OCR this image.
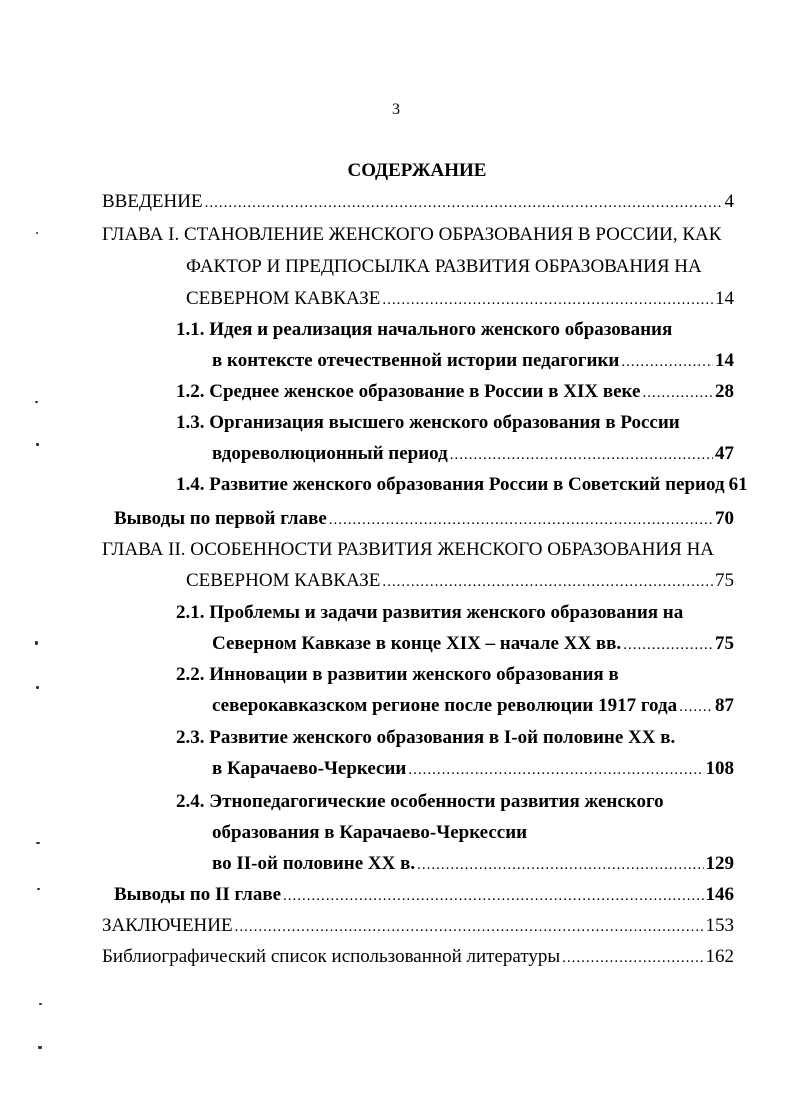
3
СОДЕРЖАНИЕ
ВВЕДЕНИЕ .....	4
ГЛАВА I. СТАНОВЛЕНИЕ ЖЕНСКОГО ОБРАЗОВАНИЯ В РОССИИ, КАК
ФАКТОР И ПРЕДПОСЫЛКА РАЗВИТИЯ ОБРАЗОВАНИЯ НА
СЕВЕРНОМ КАВКАЗЕ .....	14
1.1. Идея и реализация начального женского образования
в контексте отечественной истории педагогики .....	14
1.2. Среднее женское образование в России в XIX веке .....	28
1.3. Организация высшего женского образования в России
вдореволюционный период .....	47
1.4. Развитие женского образования России в Советский период 61
Выводы по первой главе .....	70
ГЛАВА II. ОСОБЕННОСТИ РАЗВИТИЯ ЖЕНСКОГО ОБРАЗОВАНИЯ НА
СЕВЕРНОМ КАВКАЗЕ .....	75
2.1. Проблемы и задачи развития женского образования на
Северном Кавказе в конце XIX – начале XX вв. .....	75
2.2. Инновации в развитии женского образования в
северокавказском регионе после революции 1917 года ..... 87
2.3. Развитие женского образования в I-ой половине XX в.
в Карачаево-Черкесии .....	108
2.4. Этнопедагогические особенности развития женского
образования в Карачаево-Черкессии
во II-ой половине XX в. .....	129
Выводы по II главе .....	146
ЗАКЛЮЧЕНИЕ .....	153
Библиографический список использованной литературы .....	162
